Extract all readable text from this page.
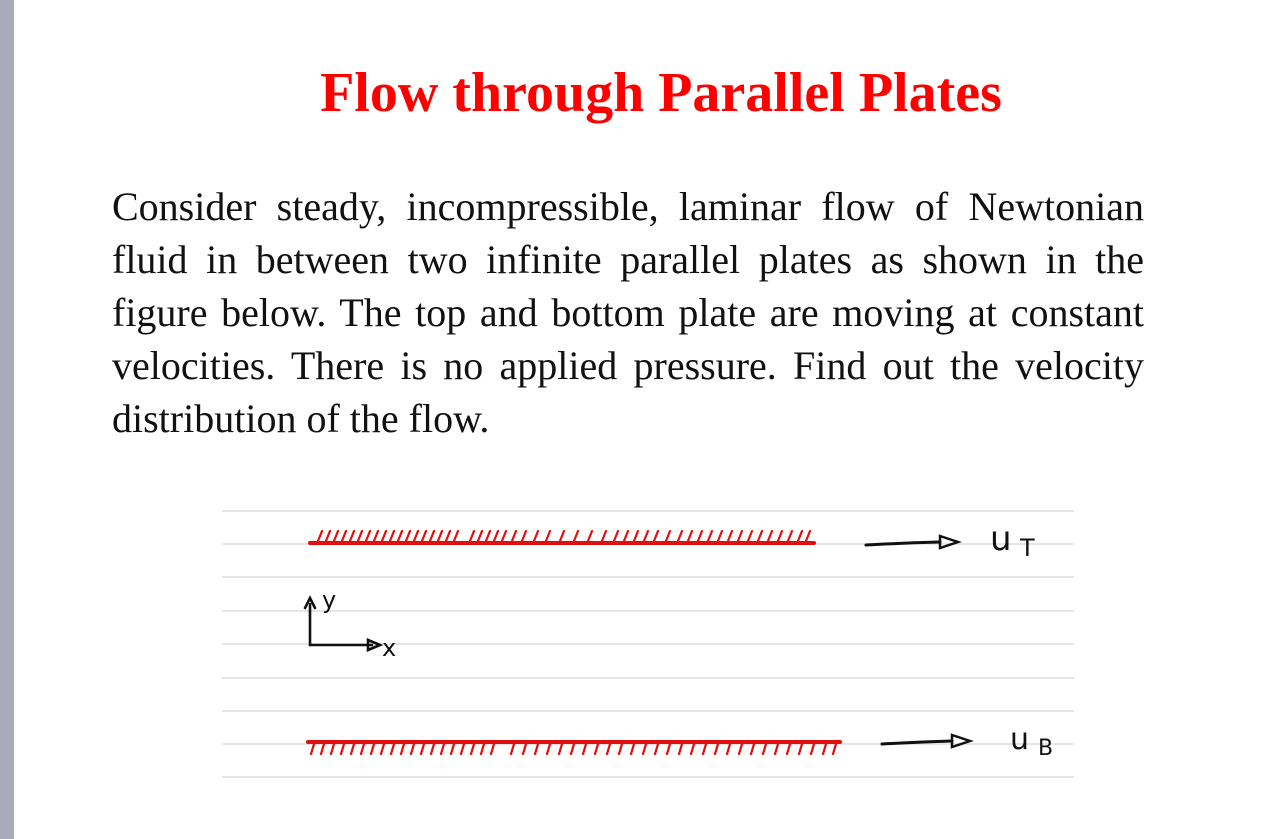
Flow through Parallel Plates

Consider steady, incompressible, laminar flow of Newtonian fluid in between two infinite parallel plates as shown in the figure below. The top and bottom plate are moving at constant velocities. There is no applied pressure. Find out the velocity distribution of the flow.

u T
y
x
u B
